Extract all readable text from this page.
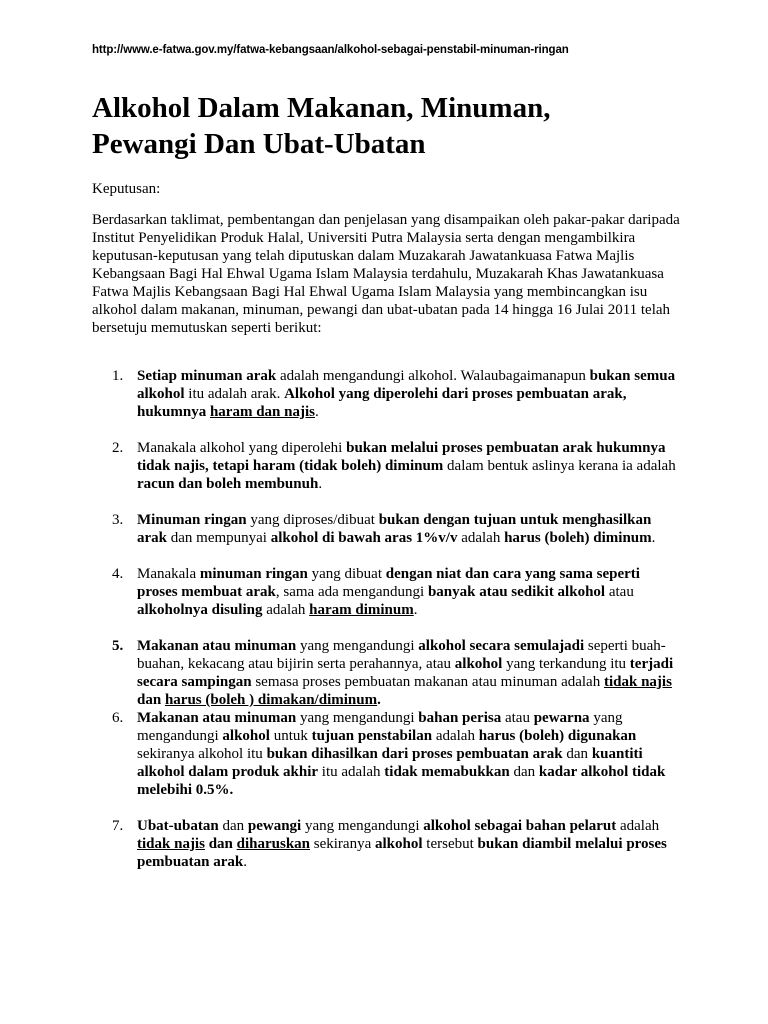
http://www.e-fatwa.gov.my/fatwa-kebangsaan/alkohol-sebagai-penstabil-minuman-ringan
Alkohol Dalam Makanan, Minuman,
Pewangi Dan Ubat-Ubatan

Keputusan:

Berdasarkan taklimat, pembentangan dan penjelasan yang disampaikan oleh pakar-pakar daripada Institut Penyelidikan Produk Halal, Universiti Putra Malaysia serta dengan mengambilkira keputusan-keputusan yang telah diputuskan dalam Muzakarah Jawatankuasa Fatwa Majlis Kebangsaan Bagi Hal Ehwal Ugama Islam Malaysia terdahulu, Muzakarah Khas Jawatankuasa Fatwa Majlis Kebangsaan Bagi Hal Ehwal Ugama Islam Malaysia yang membincangkan isu alkohol dalam makanan, minuman, pewangi dan ubat-ubatan pada 14 hingga 16 Julai 2011 telah bersetuju memutuskan seperti berikut:

1. Setiap minuman arak adalah mengandungi alkohol. Walaubagaimanapun bukan semua alkohol itu adalah arak. Alkohol yang diperolehi dari proses pembuatan arak, hukumnya haram dan najis.
2. Manakala alkohol yang diperolehi bukan melalui proses pembuatan arak hukumnya tidak najis, tetapi haram (tidak boleh) diminum dalam bentuk aslinya kerana ia adalah racun dan boleh membunuh.
3. Minuman ringan yang diproses/dibuat bukan dengan tujuan untuk menghasilkan arak dan mempunyai alkohol di bawah aras 1%v/v adalah harus (boleh) diminum.
4. Manakala minuman ringan yang dibuat dengan niat dan cara yang sama seperti proses membuat arak, sama ada mengandungi banyak atau sedikit alkohol atau alkoholnya disuling adalah haram diminum.
5. Makanan atau minuman yang mengandungi alkohol secara semulajadi seperti buah-buahan, kekacang atau bijirin serta perahannya, atau alkohol yang terkandung itu terjadi secara sampingan semasa proses pembuatan makanan atau minuman adalah tidak najis dan harus (boleh ) dimakan/diminum.
6. Makanan atau minuman yang mengandungi bahan perisa atau pewarna yang mengandungi alkohol untuk tujuan penstabilan adalah harus (boleh) digunakan sekiranya alkohol itu bukan dihasilkan dari proses pembuatan arak dan kuantiti alkohol dalam produk akhir itu adalah tidak memabukkan dan kadar alkohol tidak melebihi 0.5%.
7. Ubat-ubatan dan pewangi yang mengandungi alkohol sebagai bahan pelarut adalah tidak najis dan diharuskan sekiranya alkohol tersebut bukan diambil melalui proses pembuatan arak.
